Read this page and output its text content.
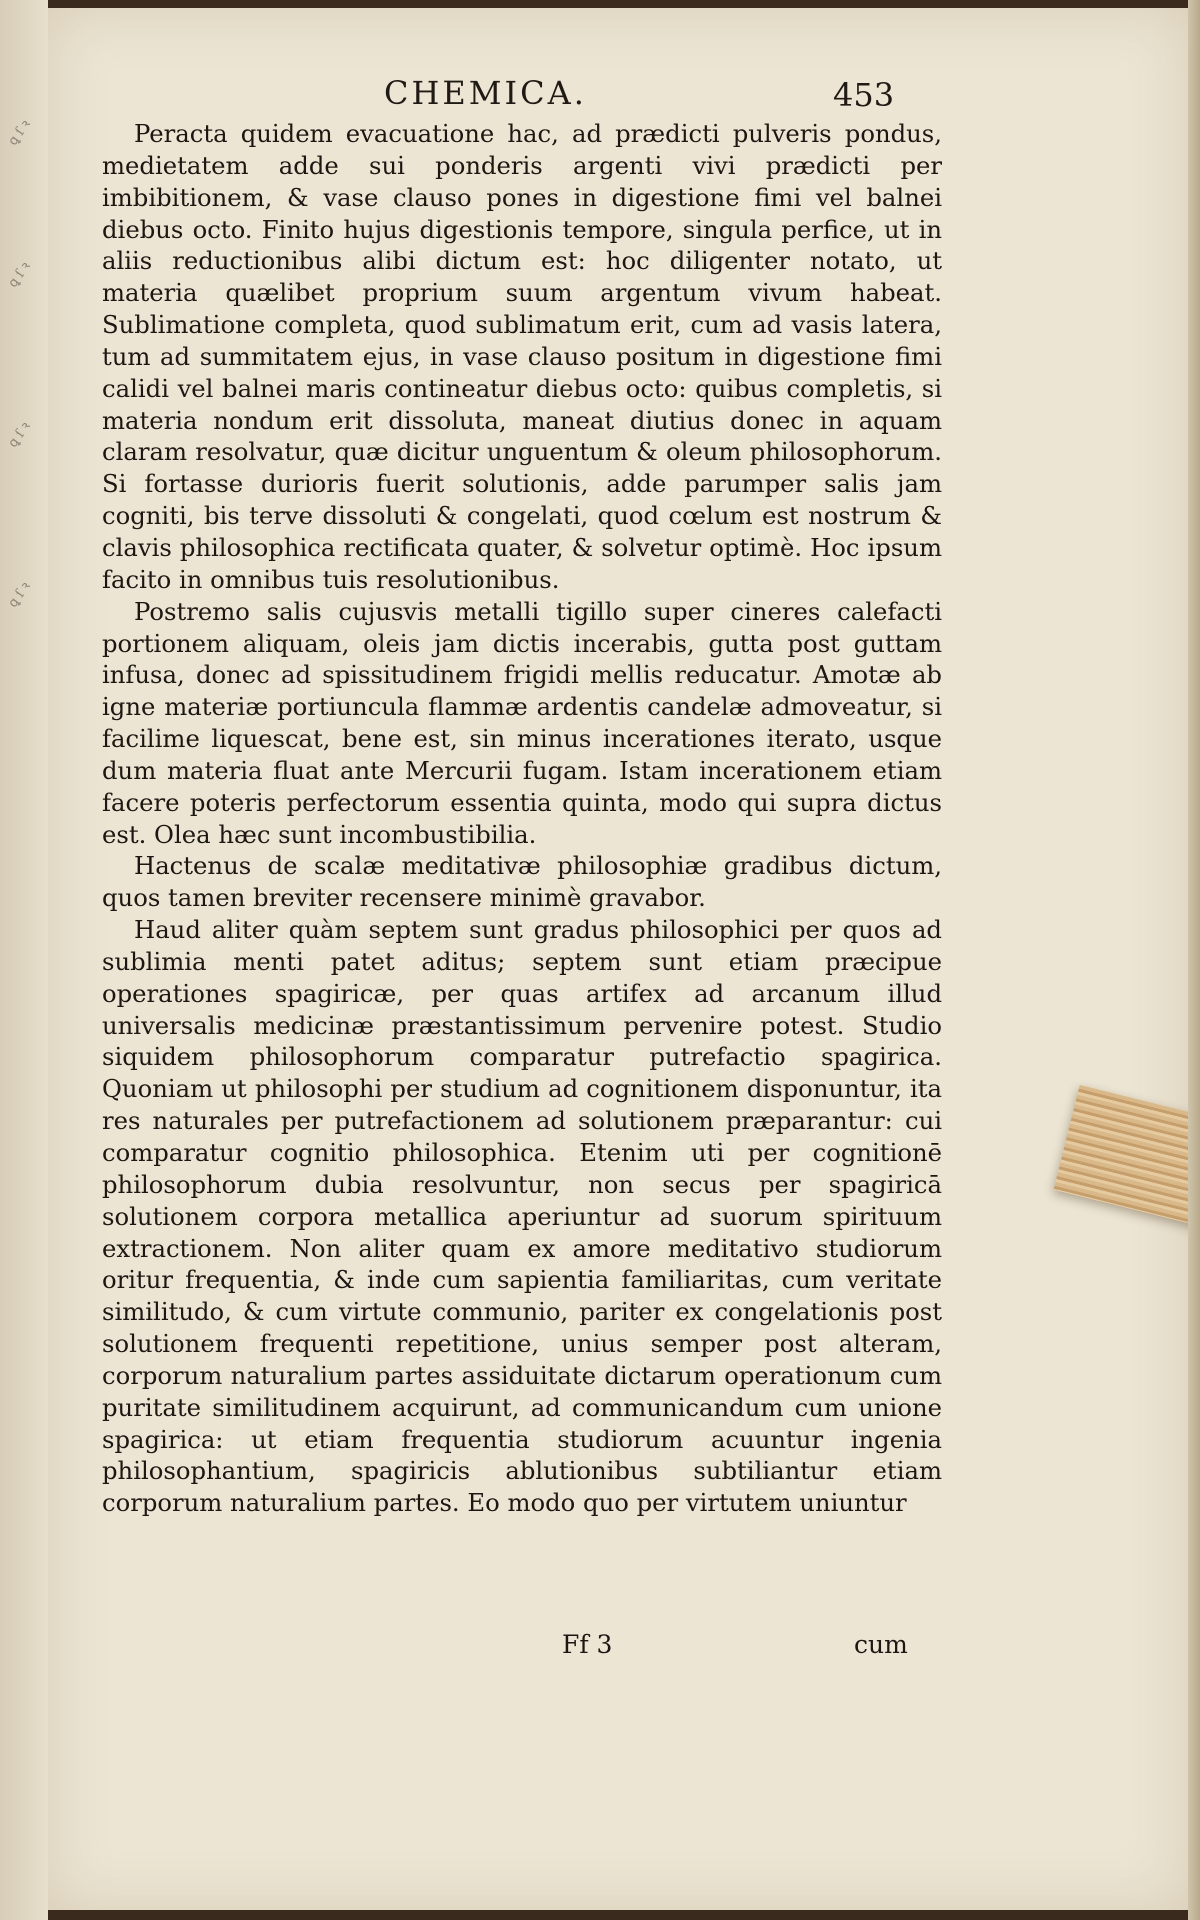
ꝗ ſ ꝛ
ꝗ ſ ꝛ
ꝗ ſ ꝛ
ꝗ ſ ꝛ
CHEMICA.	453

Peracta quidem evacuatione hac, ad prædicti pulveris pondus, medietatem adde sui ponderis argenti vivi prædicti per imbibitionem, & vase clauso pones in digestione fimi vel balnei diebus octo. Finito hujus digestionis tempore, singula perfice, ut in aliis reductionibus alibi dictum est: hoc diligenter notato, ut materia quælibet proprium suum argentum vivum habeat. Sublimatione completa, quod sublimatum erit, cum ad vasis latera, tum ad summitatem ejus, in vase clauso positum in digestione fimi calidi vel balnei maris contineatur diebus octo: quibus completis, si materia nondum erit dissoluta, maneat diutius donec in aquam claram resolvatur, quæ dicitur unguentum & oleum philosophorum. Si fortasse durioris fuerit solutionis, adde parumper salis jam cogniti, bis terve dissoluti & congelati, quod cœlum est nostrum & clavis philosophica rectificata quater, & solvetur optimè. Hoc ipsum facito in omnibus tuis resolutionibus.

Postremo salis cujusvis metalli tigillo super cineres calefacti portionem aliquam, oleis jam dictis incerabis, gutta post guttam infusa, donec ad spissitudinem frigidi mellis reducatur. Amotæ ab igne materiæ portiuncula flammæ ardentis candelæ admoveatur, si facilime liquescat, bene est, sin minus incerationes iterato, usque dum materia fluat ante Mercurii fugam. Istam incerationem etiam facere poteris perfectorum essentia quinta, modo qui supra dictus est. Olea hæc sunt incombustibilia.

Hactenus de scalæ meditativæ philosophiæ gradibus dictum, quos tamen breviter recensere minimè gravabor.

Haud aliter quàm septem sunt gradus philosophici per quos ad sublimia menti patet aditus; septem sunt etiam præcipue operationes spagiricæ, per quas artifex ad arcanum illud universalis medicinæ præstantissimum pervenire potest. Studio siquidem philosophorum comparatur putrefactio spagirica. Quoniam ut philosophi per studium ad cognitionem disponuntur, ita res naturales per putrefactionem ad solutionem præparantur: cui comparatur cognitio philosophica. Etenim uti per cognitionē philosophorum dubia resolvuntur, non secus per spagiricā solutionem corpora metallica aperiuntur ad suorum spirituum extractionem. Non aliter quam ex amore meditativo studiorum oritur frequentia, & inde cum sapientia familiaritas, cum veritate similitudo, & cum virtute communio, pariter ex congelationis post solutionem frequenti repetitione, unius semper post alteram, corporum naturalium partes assiduitate dictarum operationum cum puritate similitudinem acquirunt, ad communicandum cum unione spagirica: ut etiam frequentia studiorum acuuntur ingenia philosophantium, spagiricis ablutionibus subtiliantur etiam corporum naturalium partes. Eo modo quo per virtutem uniuntur

Ff 3	cum
